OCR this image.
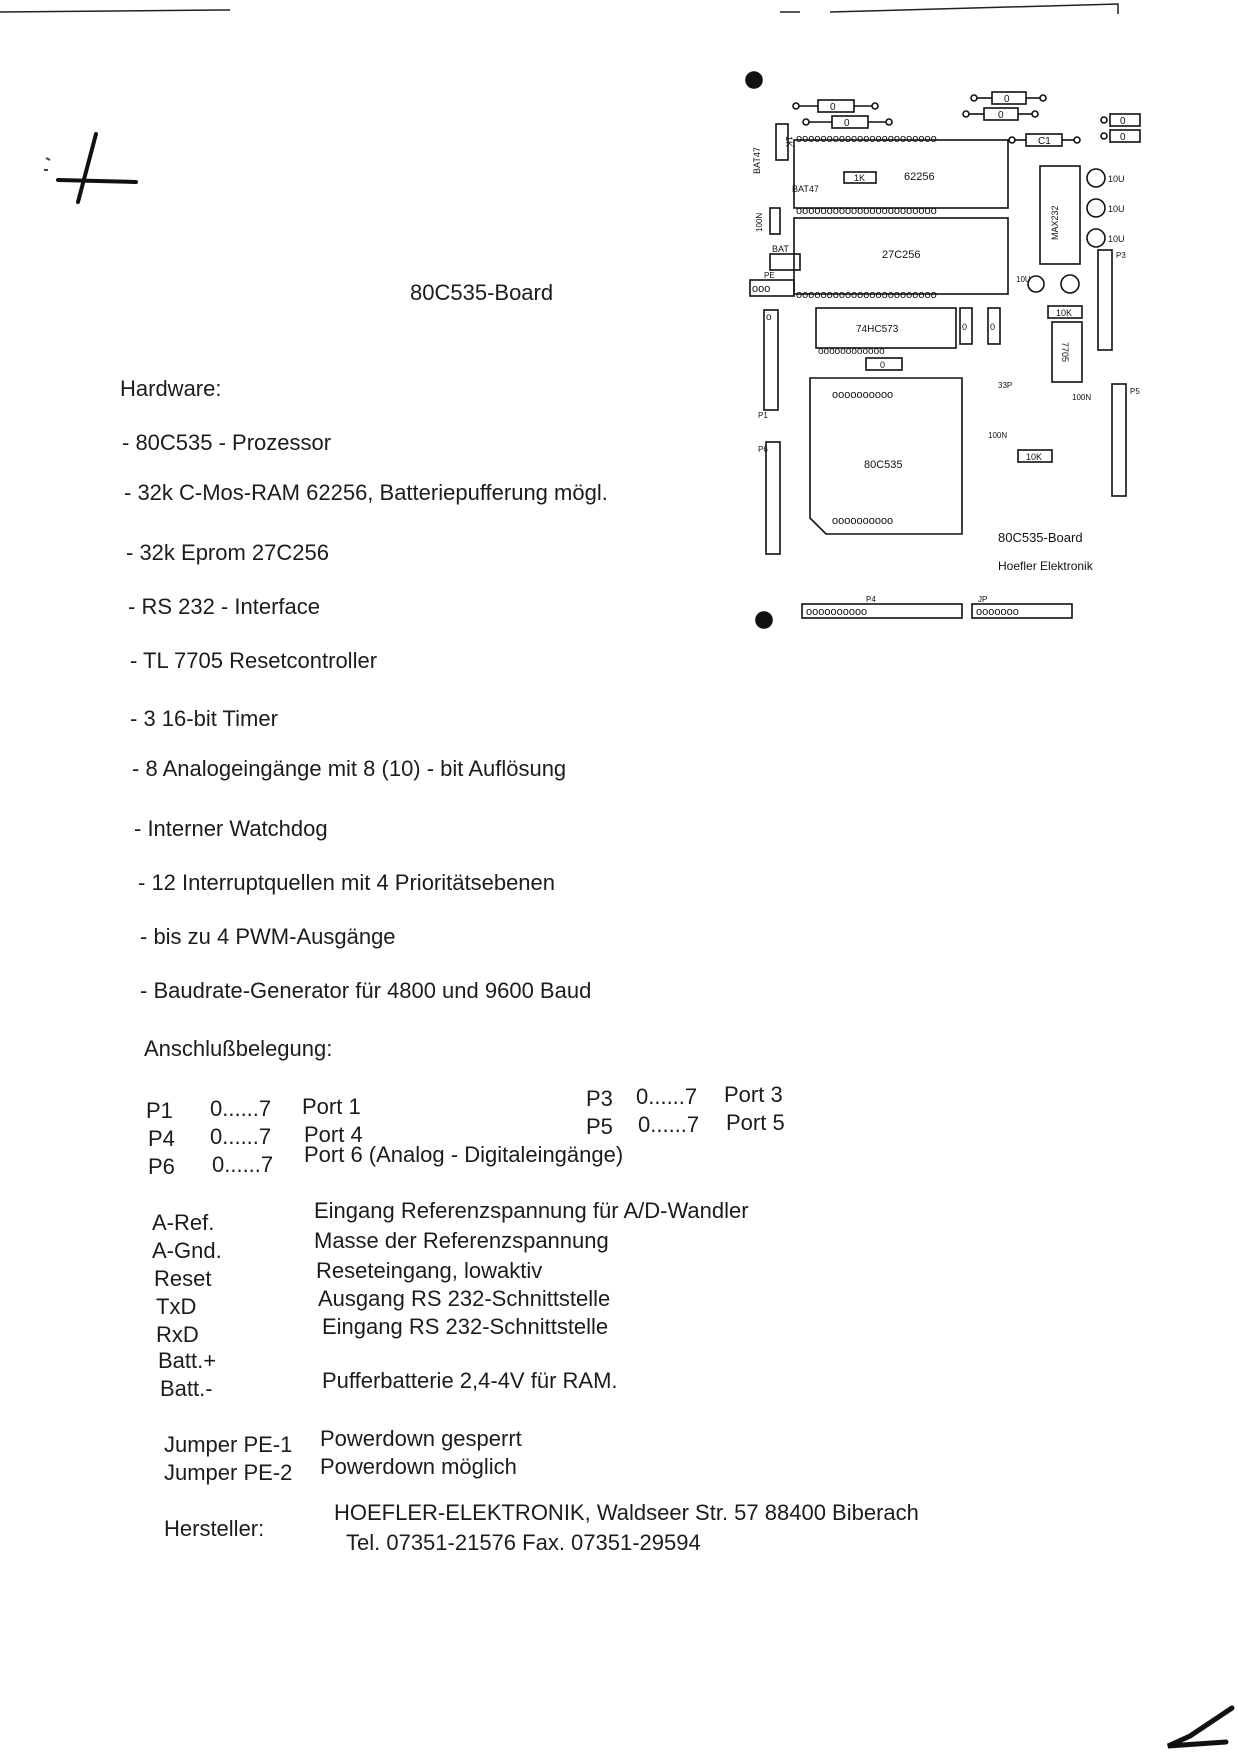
80C535-Board
Hardware:
- 80C535 - Prozessor
- 32k C-Mos-RAM 62256, Batteriepufferung mögl.
- 32k Eprom 27C256
- RS 232 - Interface
- TL 7705 Resetcontroller
- 3 16-bit Timer
- 8 Analogeingänge mit 8 (10) - bit Auflösung
- Interner Watchdog
- 12 Interruptquellen mit 4 Prioritätsebenen
- bis zu 4 PWM-Ausgänge
- Baudrate-Generator für 4800 und 9600 Baud
Anschlußbelegung:
P1 0......7 Port 1
P4 0......7 Port 4
P6 0......7 Port 6 (Analog - Digitaleingänge)
P3 0......7 Port 3
P5 0......7 Port 5
A-Ref.	Eingang Referenzspannung für A/D-Wandler
A-Gnd.	Masse der Referenzspannung
Reset	Reseteingang, lowaktiv
TxD	Ausgang RS 232-Schnittstelle
RxD	Eingang RS 232-Schnittstelle
Batt.+
Batt.-	Pufferbatterie 2,4-4V für RAM.
Jumper PE-1 Powerdown gesperrt
Jumper PE-2 Powerdown möglich
Hersteller:
HOEFLER-ELEKTRONIK, Waldseer Str. 57 88400 Biberach
Tel. 07351-21576 Fax. 07351-29594
0
0
0
0
C1
0
0
ooooooooooooooooooooooo
ooooooooooooooooooooooo
62256
1K
ooooooooooooooooooooooo
27C256
1K
BAT47
BAT47
100N
BAT
ooo
PE
74HC573
oooooooooooo
0	0
0
o
P1
P6
80C535
oooooooooo
oooooooooo
MAX232
10U
10U
10U
10U
7705
10K
10K
100N
100N
33P
P3
P5
oooooooooo
P4
ooooooo
JP
80C535-Board
Hoefler Elektronik
